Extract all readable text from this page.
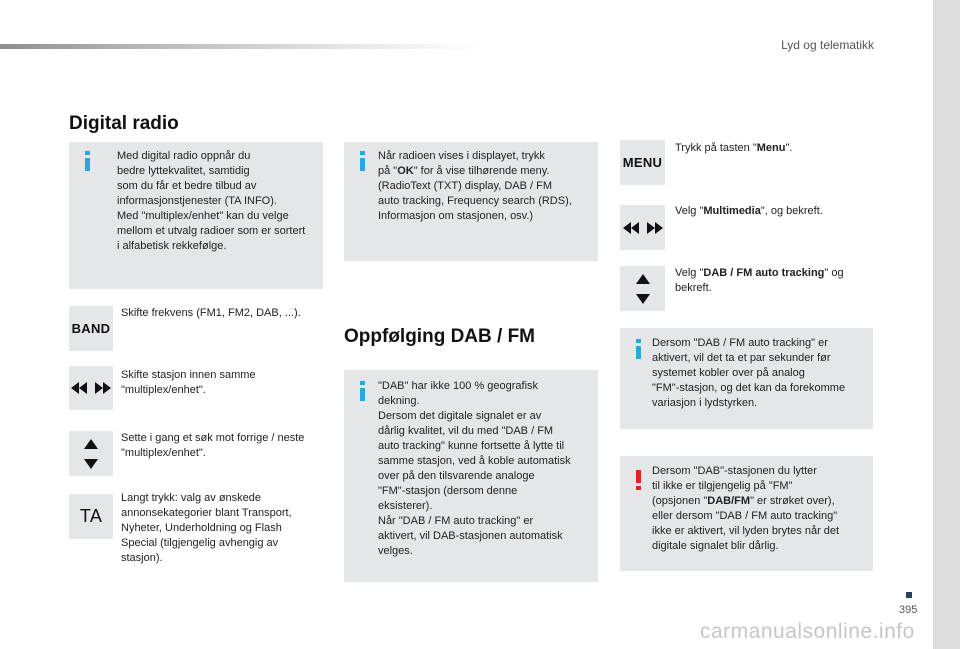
Lyd og telematikk
Digital radio
Med digital radio oppnår du
bedre lyttekvalitet, samtidig
som du får et bedre tilbud av
informasjonstjenester (TA INFO).
Med "multiplex/enhet" kan du velge
mellom et utvalg radioer som er sortert
i alfabetisk rekkefølge.
BAND
Skifte frekvens (FM1, FM2, DAB, ...).
Skifte stasjon innen samme
"multiplex/enhet".
Sette i gang et søk mot forrige / neste
"multiplex/enhet".
TA
Langt trykk: valg av ønskede
annonsekategorier blant Transport,
Nyheter, Underholdning og Flash
Special (tilgjengelig avhengig av
stasjon).
Når radioen vises i displayet, trykk
på "OK" for å vise tilhørende meny.
(RadioText (TXT) display, DAB / FM
auto tracking, Frequency search (RDS),
Informasjon om stasjonen, osv.)
Oppfølging DAB / FM
"DAB" har ikke 100 % geografisk
dekning.
Dersom det digitale signalet er av
dårlig kvalitet, vil du med "DAB / FM
auto tracking" kunne fortsette å lytte til
samme stasjon, ved å koble automatisk
over på den tilsvarende analoge
"FM"-stasjon (dersom denne
eksisterer).
Når "DAB / FM auto tracking" er
aktivert, vil DAB-stasjonen automatisk
velges.
MENU
Trykk på tasten "Menu".
Velg "Multimedia", og bekreft.
Velg "DAB / FM auto tracking" og
bekreft.
Dersom "DAB / FM auto tracking" er
aktivert, vil det ta et par sekunder før
systemet kobler over på analog
"FM"-stasjon, og det kan da forekomme
variasjon i lydstyrken.
Dersom "DAB"-stasjonen du lytter
til ikke er tilgjengelig på "FM"
(opsjonen "DAB/FM" er strøket over),
eller dersom "DAB / FM auto tracking"
ikke er aktivert, vil lyden brytes når det
digitale signalet blir dårlig.
395
carmanualsonline.info
